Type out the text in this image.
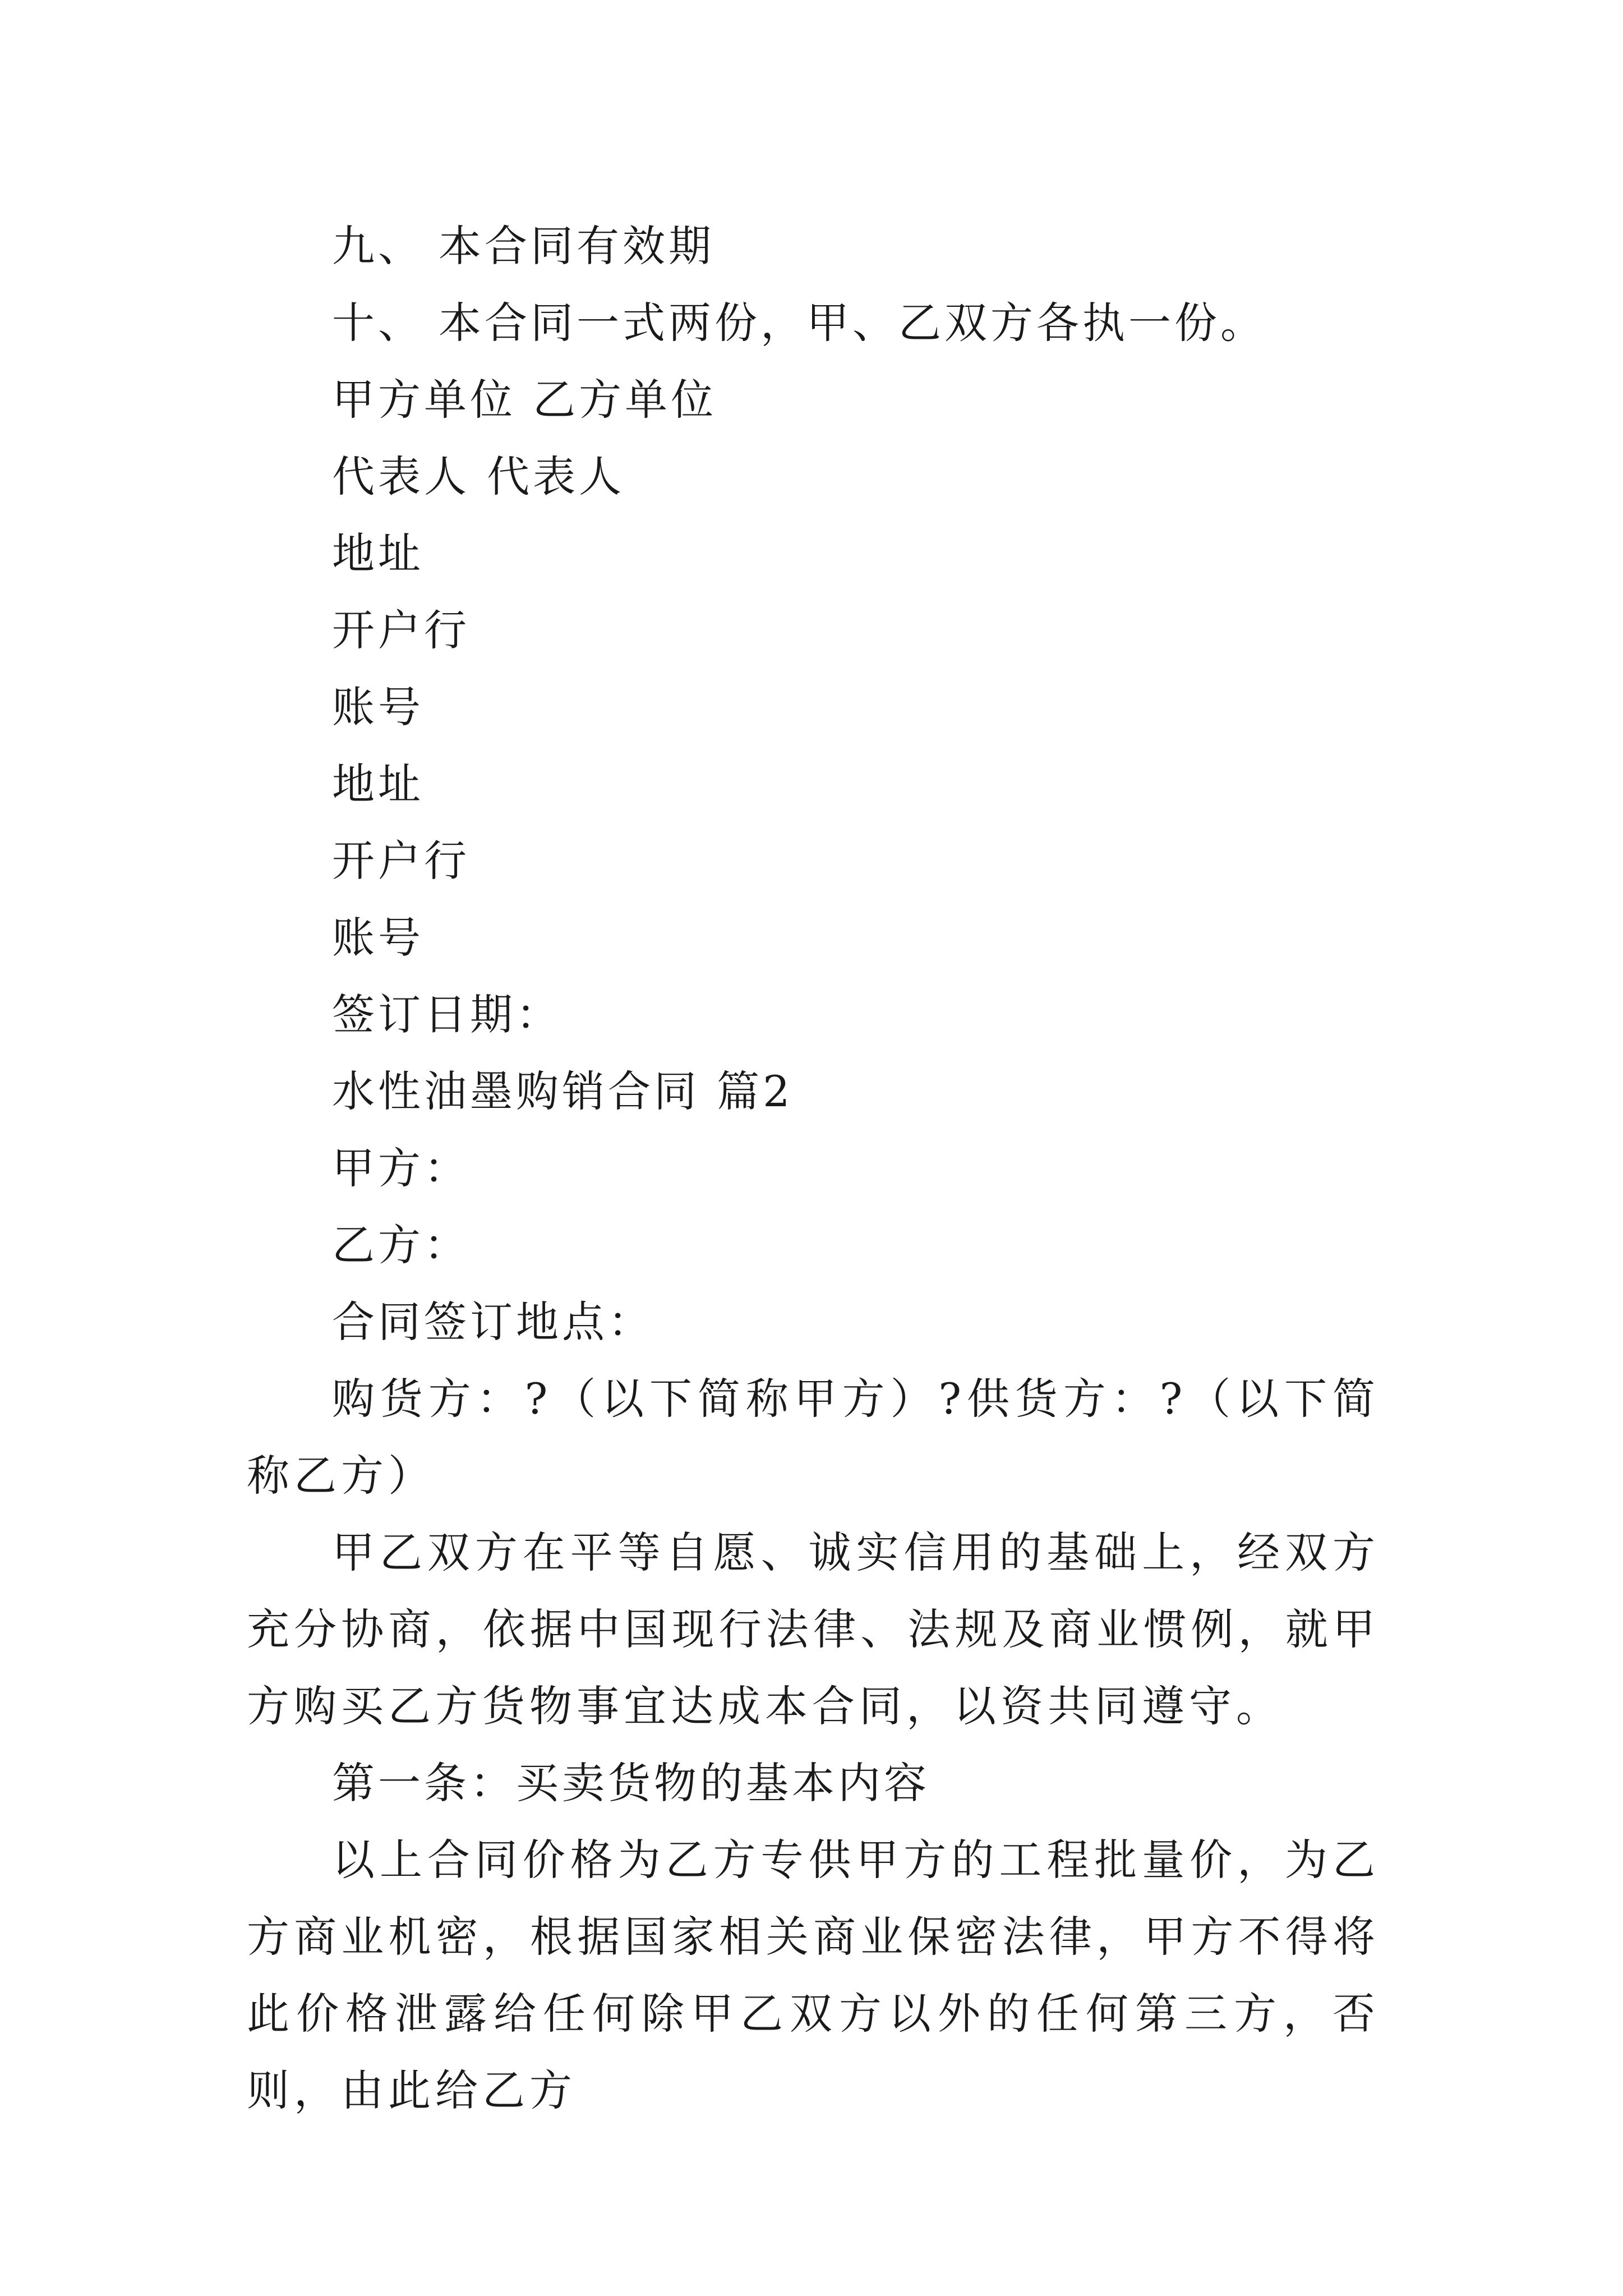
九、 本合同有效期
十、 本合同一式两份，甲、乙双方各执一份。
甲方单位 乙方单位
代表人 代表人
地址
开户行
账号
地址
开户行
账号
签订日期：
水性油墨购销合同 篇2
甲方：
乙方：
合同签订地点：

购货方：?（以下简称甲方）?供货方：?（以下简称乙方）

甲乙双方在平等自愿、诚实信用的基础上，经双方充分协商，依据中国现行法律、法规及商业惯例，就甲方购买乙方货物事宜达成本合同，以资共同遵守。

第一条：买卖货物的基本内容

以上合同价格为乙方专供甲方的工程批量价，为乙方商业机密，根据国家相关商业保密法律，甲方不得将此价格泄露给任何除甲乙双方以外的任何第三方，否则，由此给乙方
